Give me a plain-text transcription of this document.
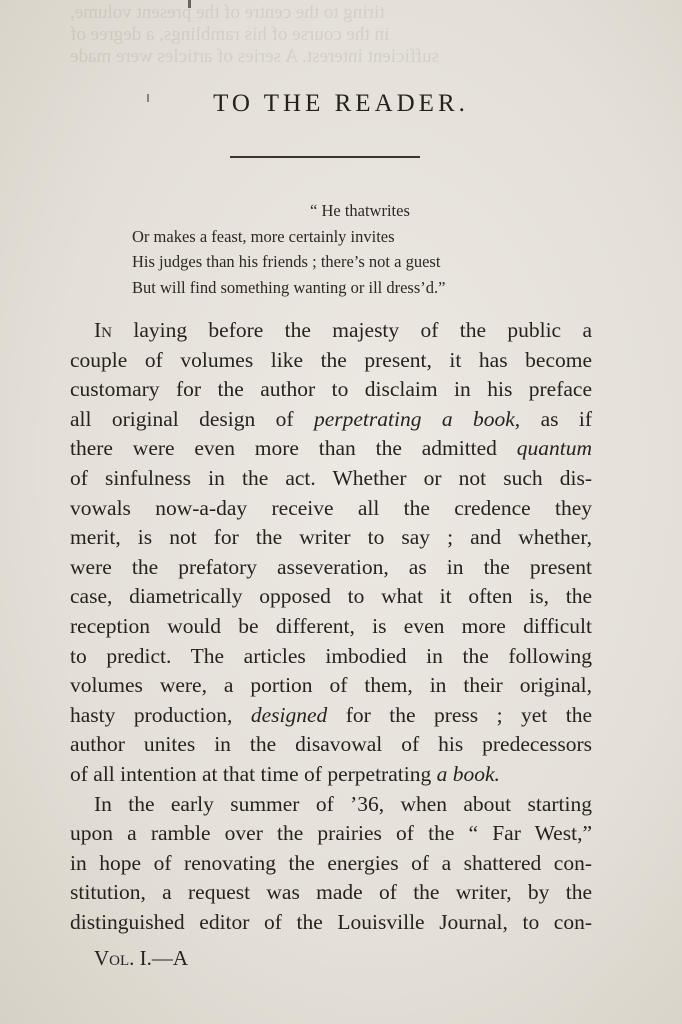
tiring to the centre of the present volume,
in the course of his ramblings, a degree of
sufficient interest. A series of articles were made
TO THE READER.
“ He thatwrites
Or makes a feast, more certainly invites
His judges than his friends ; there’s not a guest
But will find something wanting or ill dress’d.”
In laying before the majesty of the public a
couple of volumes like the present, it has become
customary for the author to disclaim in his preface
all original design of perpetrating a book, as if
there were even more than the admitted quantum
of sinfulness in the act. Whether or not such dis-
vowals now-a-day receive all the credence they
merit, is not for the writer to say ; and whether,
were the prefatory asseveration, as in the present
case, diametrically opposed to what it often is, the
reception would be different, is even more difficult
to predict. The articles imbodied in the following
volumes were, a portion of them, in their original,
hasty production, designed for the press ; yet the
author unites in the disavowal of his predecessors
of all intention at that time of perpetrating a book.
In the early summer of ’36, when about starting
upon a ramble over the prairies of the “ Far West,”
in hope of renovating the energies of a shattered con-
stitution, a request was made of the writer, by the
distinguished editor of the Louisville Journal, to con-
Vol. I.—A
